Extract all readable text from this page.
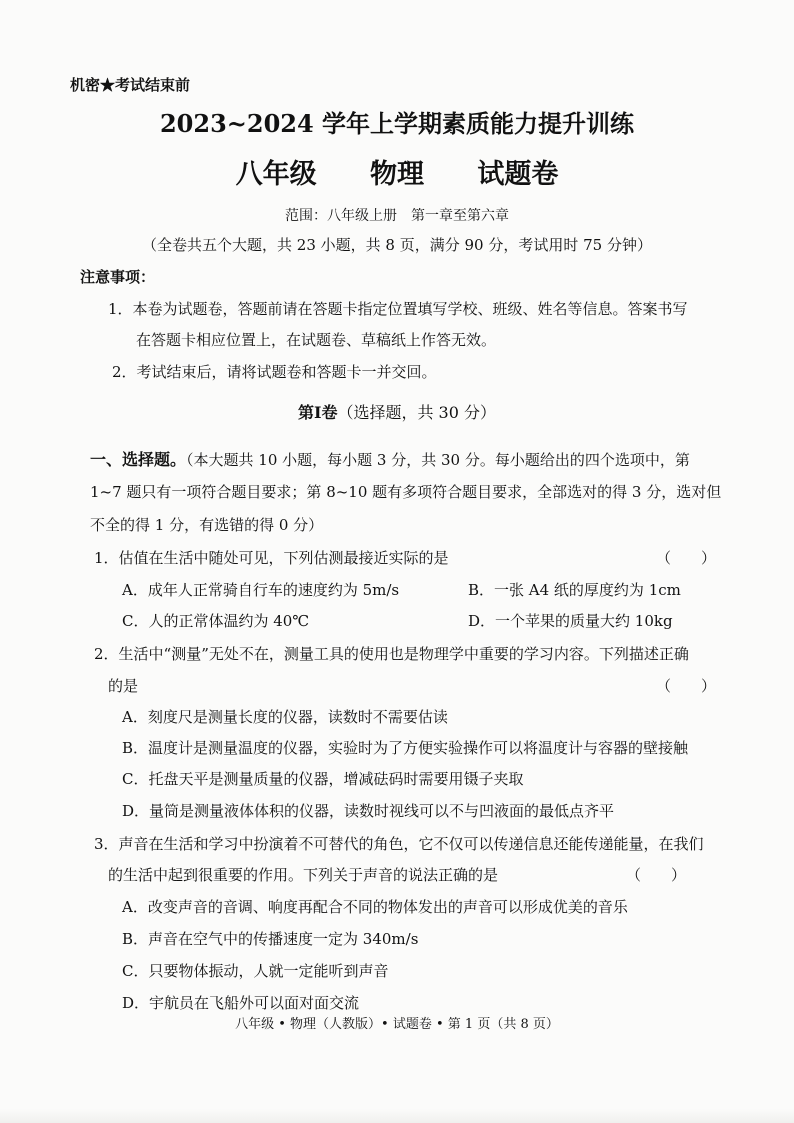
机密★考试结束前
2023~2024 学年上学期素质能力提升训练
八年级 物理 试题卷
范围：八年级上册　第一章至第六章
（全卷共五个大题，共 23 小题，共 8 页，满分 90 分，考试用时 75 分钟）
注意事项：
1．本卷为试题卷，答题前请在答题卡指定位置填写学校、班级、姓名等信息。答案书写
在答题卡相应位置上，在试题卷、草稿纸上作答无效。
2．考试结束后，请将试题卷和答题卡一并交回。
第Ⅰ卷（选择题，共 30 分）
一、选择题。（本大题共 10 小题，每小题 3 分，共 30 分。每小题给出的四个选项中，第
1~7 题只有一项符合题目要求；第 8~10 题有多项符合题目要求，全部选对的得 3 分，选对但
不全的得 1 分，有选错的得 0 分）
1．估值在生活中随处可见，下列估测最接近实际的是	（　　）
A．成年人正常骑自行车的速度约为 5m/s	B．一张 A4 纸的厚度约为 1cm
C．人的正常体温约为 40℃	D．一个苹果的质量大约 10kg
2．生活中“测量”无处不在，测量工具的使用也是物理学中重要的学习内容。下列描述正确
的是	（　　）
A．刻度尺是测量长度的仪器，读数时不需要估读
B．温度计是测量温度的仪器，实验时为了方便实验操作可以将温度计与容器的壁接触
C．托盘天平是测量质量的仪器，增减砝码时需要用镊子夹取
D．量筒是测量液体体积的仪器，读数时视线可以不与凹液面的最低点齐平
3．声音在生活和学习中扮演着不可替代的角色，它不仅可以传递信息还能传递能量，在我们
的生活中起到很重要的作用。下列关于声音的说法正确的是	（　　）
A．改变声音的音调、响度再配合不同的物体发出的声音可以形成优美的音乐
B．声音在空气中的传播速度一定为 340m/s
C．只要物体振动，人就一定能听到声音
D．宇航员在飞船外可以面对面交流
八年级 • 物理（人教版）• 试题卷 • 第 1 页（共 8 页）
